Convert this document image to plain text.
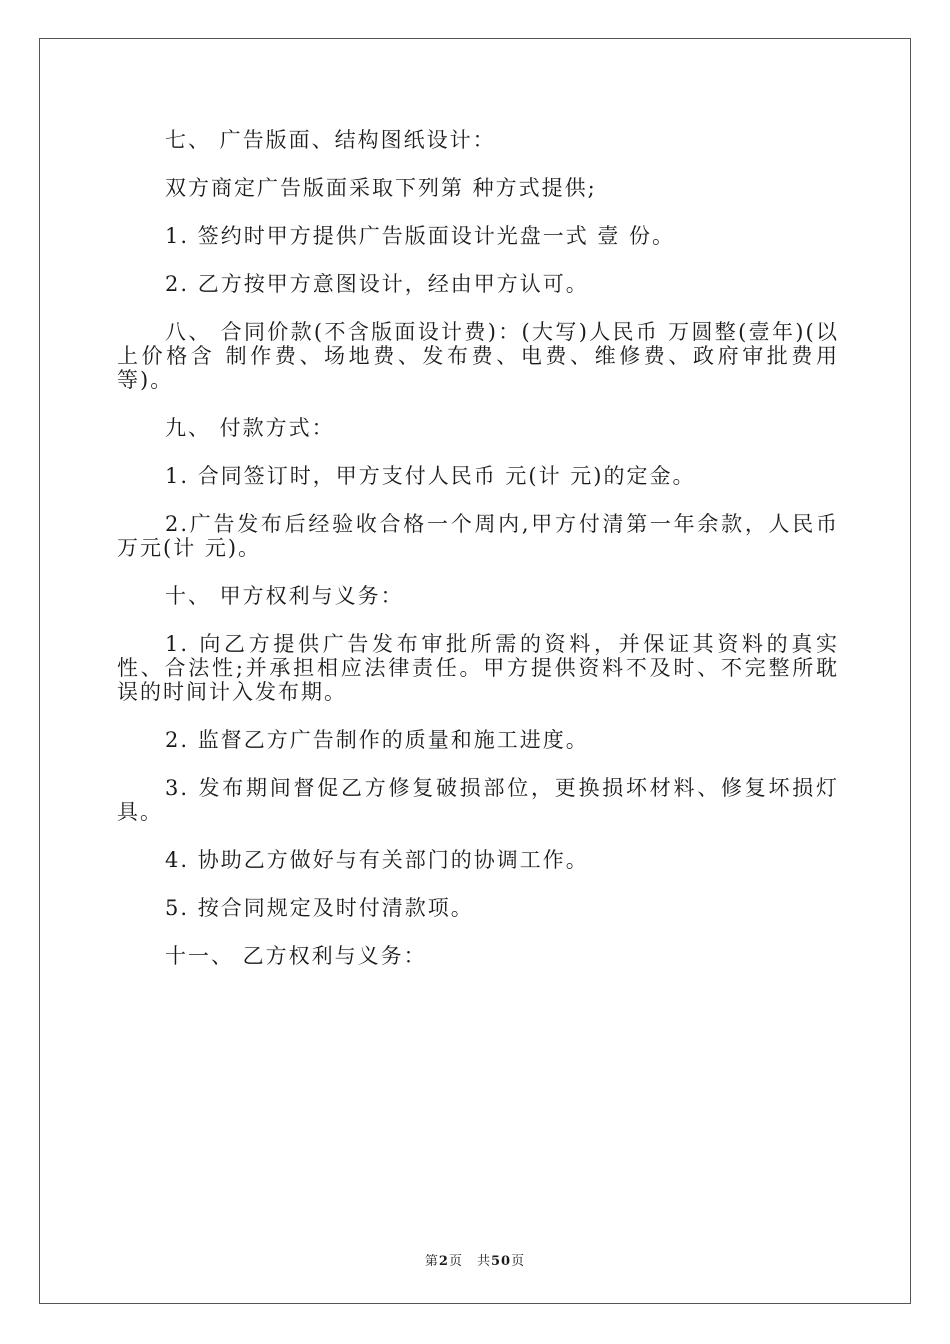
七、 广告版面、结构图纸设计：

双方商定广告版面采取下列第 种方式提供;

1. 签约时甲方提供广告版面设计光盘一式 壹 份。

2. 乙方按甲方意图设计，经由甲方认可。

八、 合同价款(不含版面设计费)：(大写)人民币 万圆整(壹年)(以上价格含 制作费、场地费、发布费、电费、维修费、政府审批费用等)。

九、 付款方式：

1. 合同签订时，甲方支付人民币 元(计 元)的定金。

2.广告发布后经验收合格一个周内,甲方付清第一年余款，人民币 万元(计 元)。

十、 甲方权利与义务：

1. 向乙方提供广告发布审批所需的资料，并保证其资料的真实性、合法性;并承担相应法律责任。甲方提供资料不及时、不完整所耽误的时间计入发布期。

2. 监督乙方广告制作的质量和施工进度。

3. 发布期间督促乙方修复破损部位，更换损坏材料、修复坏损灯具。

4. 协助乙方做好与有关部门的协调工作。

5. 按合同规定及时付清款项。

十一、 乙方权利与义务：

第2页　共50页
